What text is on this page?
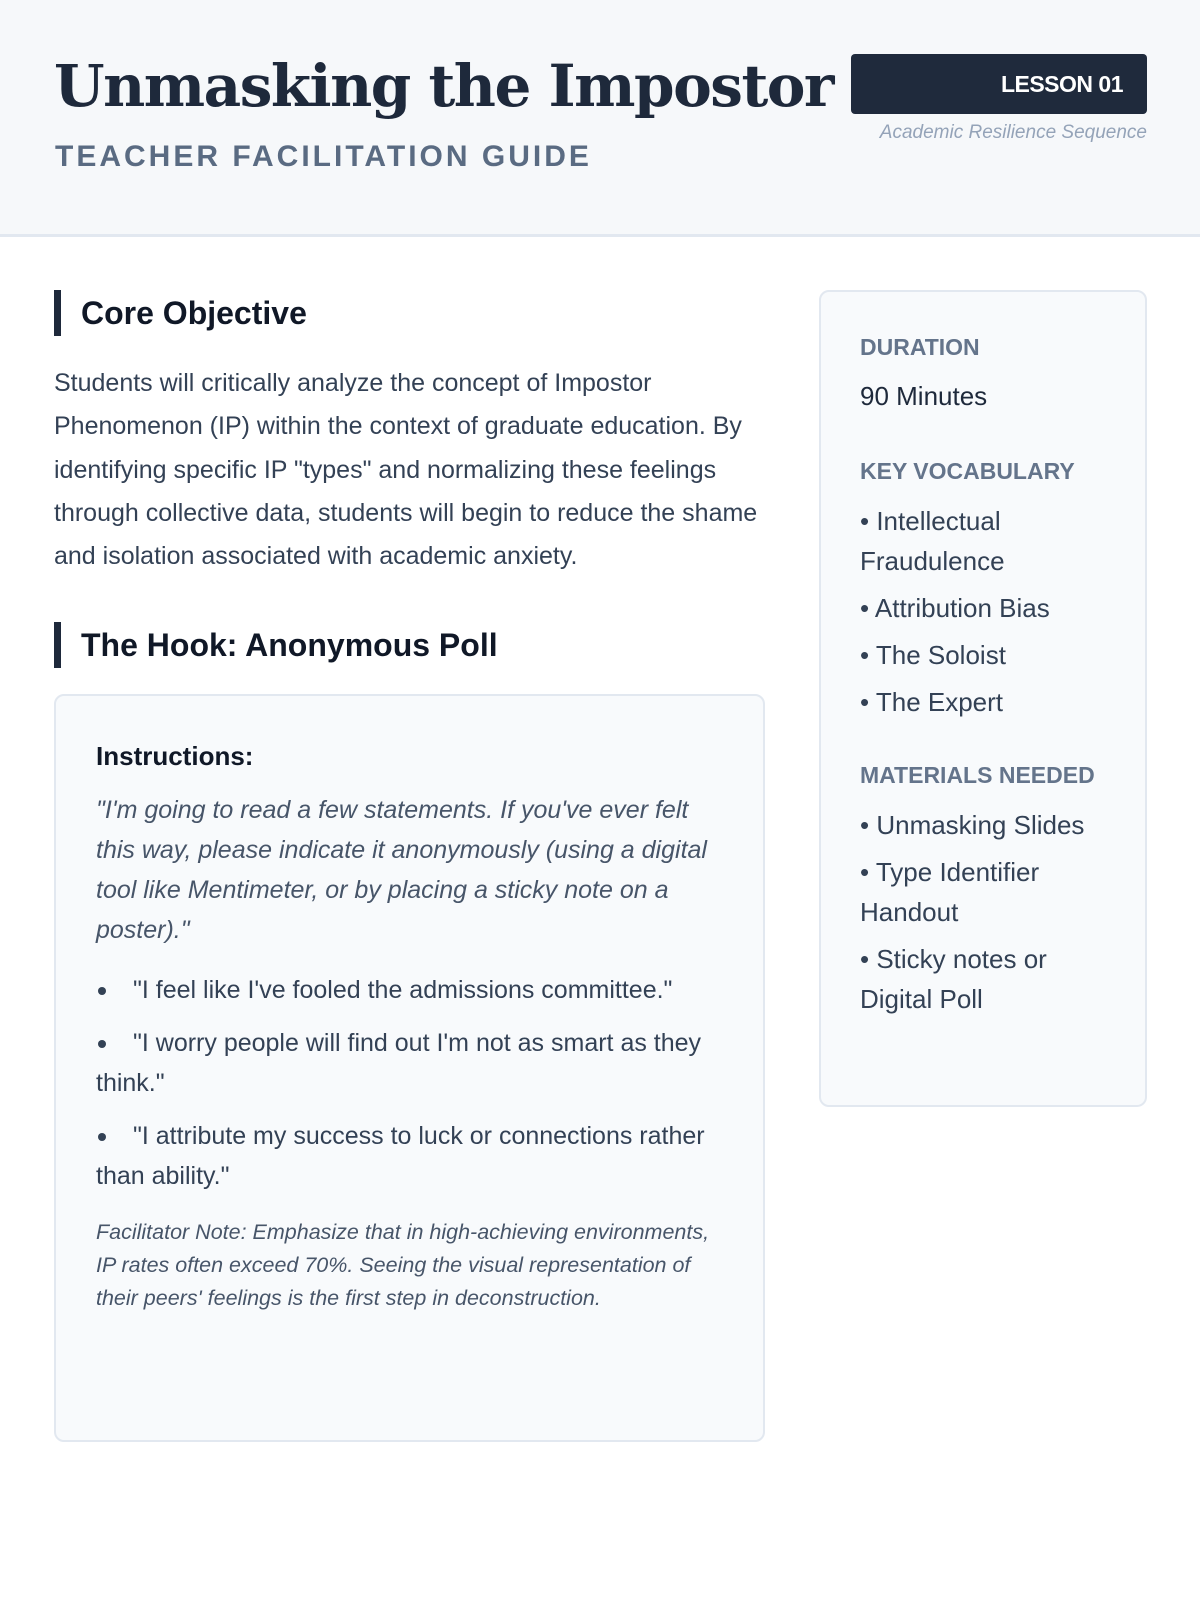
Unmasking the Impostor
TEACHER FACILITATION GUIDE
LESSON 01
Academic Resilience Sequence
Core Objective

Students will critically analyze the concept of Impostor Phenomenon (IP) within the context of graduate education. By identifying specific IP "types" and normalizing these feelings through collective data, students will begin to reduce the shame and isolation associated with academic anxiety.

The Hook: Anonymous Poll
Instructions:

"I'm going to read a few statements. If you've ever felt this way, please indicate it anonymously (using a digital tool like Mentimeter, or by placing a sticky note on a poster)."

"I feel like I've fooled the admissions committee."
"I worry people will find out I'm not as smart as they think."
"I attribute my success to luck or connections rather than ability."

Facilitator Note: Emphasize that in high-achieving environments, IP rates often exceed 70%. Seeing the visual representation of their peers' feelings is the first step in deconstruction.

DURATION
90 Minutes
KEY VOCABULARY
• Intellectual Fraudulence
• Attribution Bias
• The Soloist
• The Expert
MATERIALS NEEDED
• Unmasking Slides
• Type Identifier Handout
• Sticky notes or Digital Poll
